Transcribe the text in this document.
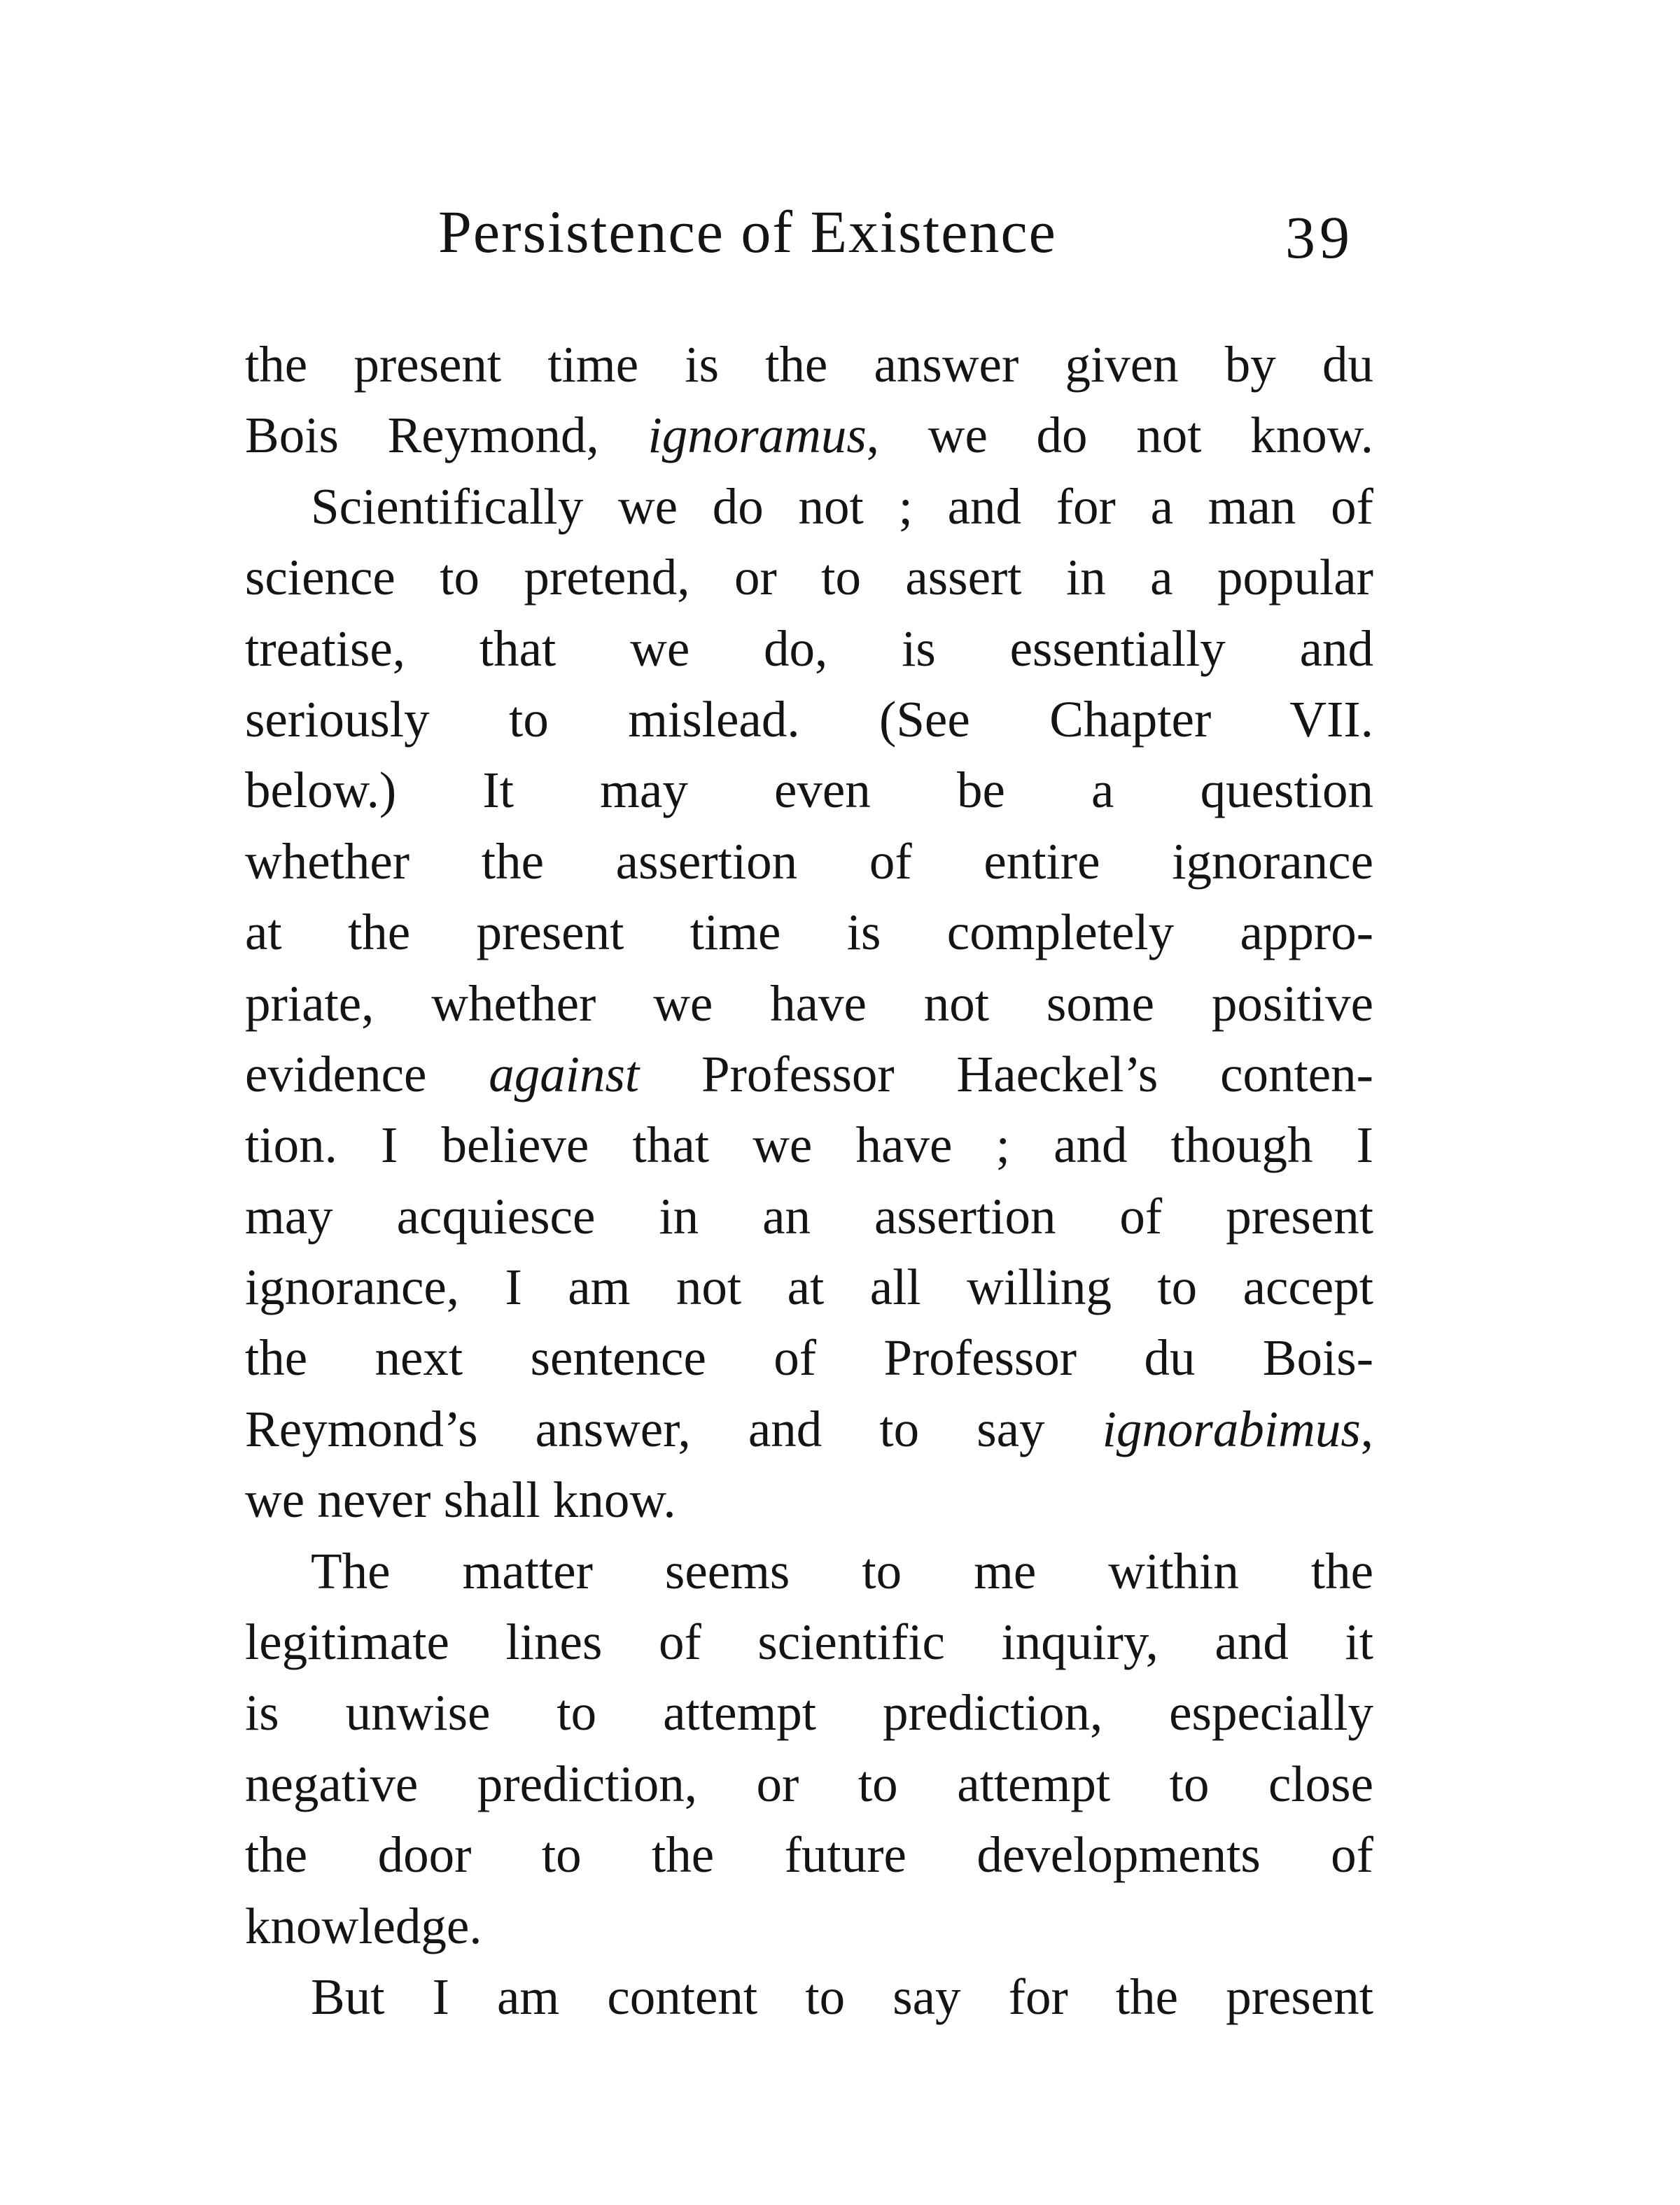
Persistence of Existence	39
the present time is the answer given by du
Bois Reymond, ignoramus, we do not know.
Scientifically we do not ; and for a man of
science to pretend, or to assert in a popular
treatise, that we do, is essentially and
seriously to mislead. (See Chapter VII.
below.) It may even be a question
whether the assertion of entire ignorance
at the present time is completely appro-
priate, whether we have not some positive
evidence against Professor Haeckel’s conten-
tion. I believe that we have ; and though I
may acquiesce in an assertion of present
ignorance, I am not at all willing to accept
the next sentence of Professor du Bois-
Reymond’s answer, and to say ignorabimus,
we never shall know.
The matter seems to me within the
legitimate lines of scientific inquiry, and it
is unwise to attempt prediction, especially
negative prediction, or to attempt to close
the door to the future developments of
knowledge.
But I am content to say for the present
